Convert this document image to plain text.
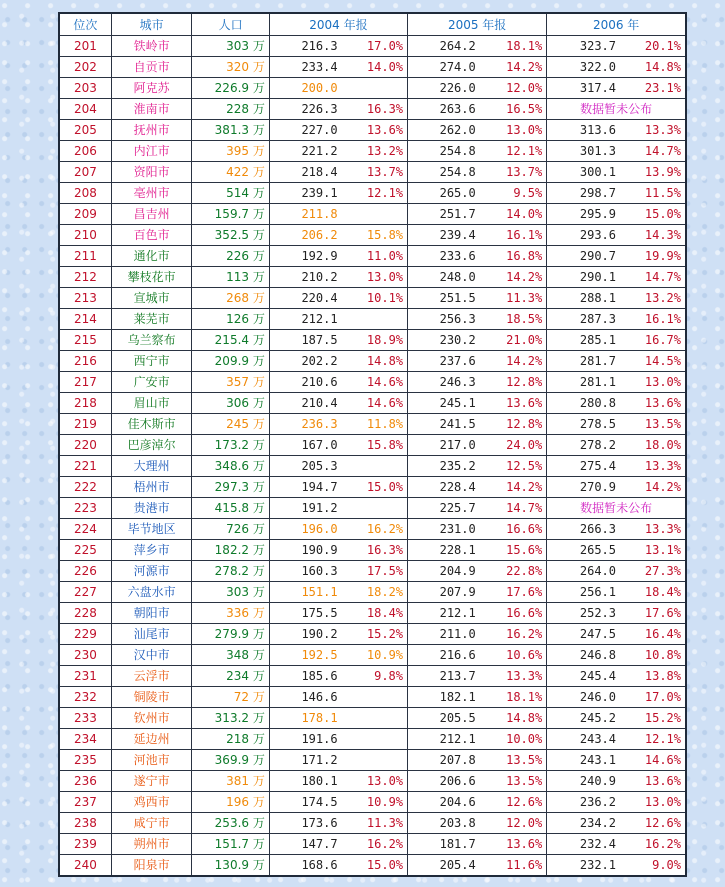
位次	城市	人口	2004 年报		2005 年报		2006 年	
201	铁岭市	303 万	216.3	17.0%	264.2	18.1%	323.7	20.1%
202	自贡市	320 万	233.4	14.0%	274.0	14.2%	322.0	14.8%
203	阿克苏	226.9 万	200.0		226.0	12.0%	317.4	23.1%
204	淮南市	228 万	226.3	16.3%	263.6	16.5%	数据暂未公布	
205	抚州市	381.3 万	227.0	13.6%	262.0	13.0%	313.6	13.3%
206	内江市	395 万	221.2	13.2%	254.8	12.1%	301.3	14.7%
207	资阳市	422 万	218.4	13.7%	254.8	13.7%	300.1	13.9%
208	亳州市	514 万	239.1	12.1%	265.0	9.5%	298.7	11.5%
209	昌吉州	159.7 万	211.8		251.7	14.0%	295.9	15.0%
210	百色市	352.5 万	206.2	15.8%	239.4	16.1%	293.6	14.3%
211	通化市	226 万	192.9	11.0%	233.6	16.8%	290.7	19.9%
212	攀枝花市	113 万	210.2	13.0%	248.0	14.2%	290.1	14.7%
213	宣城市	268 万	220.4	10.1%	251.5	11.3%	288.1	13.2%
214	莱芜市	126 万	212.1		256.3	18.5%	287.3	16.1%
215	乌兰察布	215.4 万	187.5	18.9%	230.2	21.0%	285.1	16.7%
216	西宁市	209.9 万	202.2	14.8%	237.6	14.2%	281.7	14.5%
217	广安市	357 万	210.6	14.6%	246.3	12.8%	281.1	13.0%
218	眉山市	306 万	210.4	14.6%	245.1	13.6%	280.8	13.6%
219	佳木斯市	245 万	236.3	11.8%	241.5	12.8%	278.5	13.5%
220	巴彦淖尔	173.2 万	167.0	15.8%	217.0	24.0%	278.2	18.0%
221	大理州	348.6 万	205.3		235.2	12.5%	275.4	13.3%
222	梧州市	297.3 万	194.7	15.0%	228.4	14.2%	270.9	14.2%
223	贵港市	415.8 万	191.2		225.7	14.7%	数据暂未公布	
224	毕节地区	726 万	196.0	16.2%	231.0	16.6%	266.3	13.3%
225	萍乡市	182.2 万	190.9	16.3%	228.1	15.6%	265.5	13.1%
226	河源市	278.2 万	160.3	17.5%	204.9	22.8%	264.0	27.3%
227	六盘水市	303 万	151.1	18.2%	207.9	17.6%	256.1	18.4%
228	朝阳市	336 万	175.5	18.4%	212.1	16.6%	252.3	17.6%
229	汕尾市	279.9 万	190.2	15.2%	211.0	16.2%	247.5	16.4%
230	汉中市	348 万	192.5	10.9%	216.6	10.6%	246.8	10.8%
231	云浮市	234 万	185.6	9.8%	213.7	13.3%	245.4	13.8%
232	铜陵市	72 万	146.6		182.1	18.1%	246.0	17.0%
233	钦州市	313.2 万	178.1		205.5	14.8%	245.2	15.2%
234	延边州	218 万	191.6		212.1	10.0%	243.4	12.1%
235	河池市	369.9 万	171.2		207.8	13.5%	243.1	14.6%
236	遂宁市	381 万	180.1	13.0%	206.6	13.5%	240.9	13.6%
237	鸡西市	196 万	174.5	10.9%	204.6	12.6%	236.2	13.0%
238	咸宁市	253.6 万	173.6	11.3%	203.8	12.0%	234.2	12.6%
239	朔州市	151.7 万	147.7	16.2%	181.7	13.6%	232.4	16.2%
240	阳泉市	130.9 万	168.6	15.0%	205.4	11.6%	232.1	9.0%
